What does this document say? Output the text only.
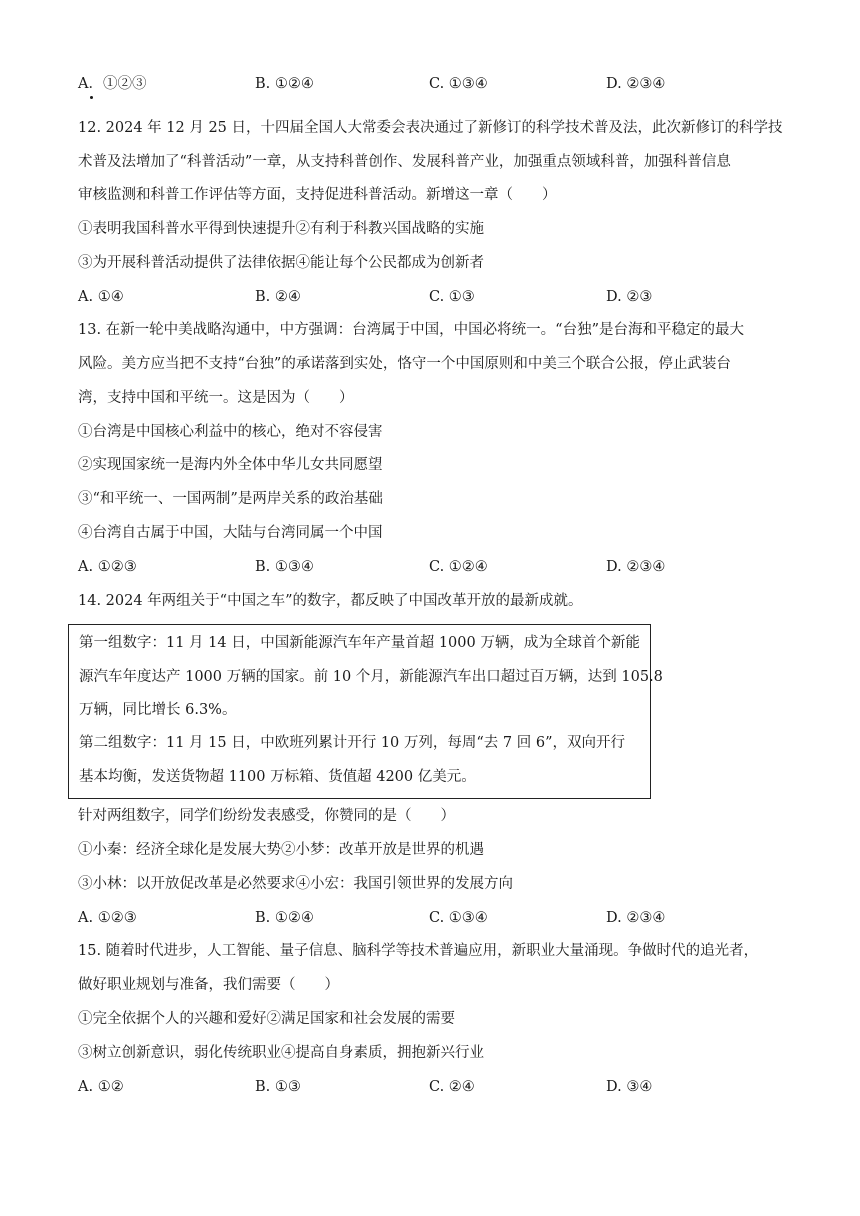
A．①②③	B. ①②④	C. ①③④	D. ②③④
12. 2024 年 12 月 25 日，十四届全国人大常委会表决通过了新修订的科学技术普及法，此次新修订的科学技
术普及法增加了“科普活动”一章，从支持科普创作、发展科普产业，加强重点领域科普，加强科普信息
审核监测和科普工作评估等方面，支持促进科普活动。新增这一章（　　）
①表明我国科普水平得到快速提升②有利于科教兴国战略的实施
③为开展科普活动提供了法律依据④能让每个公民都成为创新者
A. ①④	B. ②④	C. ①③	D. ②③
13. 在新一轮中美战略沟通中，中方强调：台湾属于中国，中国必将统一。“台独”是台海和平稳定的最大
风险。美方应当把不支持“台独”的承诺落到实处，恪守一个中国原则和中美三个联合公报，停止武装台
湾，支持中国和平统一。这是因为（　　）
①台湾是中国核心利益中的核心，绝对不容侵害
②实现国家统一是海内外全体中华儿女共同愿望
③“和平统一、一国两制”是两岸关系的政治基础
④台湾自古属于中国，大陆与台湾同属一个中国
A. ①②③	B. ①③④	C. ①②④	D. ②③④
14. 2024 年两组关于“中国之车”的数字，都反映了中国改革开放的最新成就。
第一组数字：11 月 14 日，中国新能源汽车年产量首超 1000 万辆，成为全球首个新能
源汽车年度达产 1000 万辆的国家。前 10 个月，新能源汽车出口超过百万辆，达到 105.8
万辆，同比增长 6.3%。
第二组数字：11 月 15 日，中欧班列累计开行 10 万列，每周“去 7 回 6”，双向开行
基本均衡，发送货物超 1100 万标箱、货值超 4200 亿美元。
针对两组数字，同学们纷纷发表感受，你赞同的是（　　）
①小秦：经济全球化是发展大势②小梦：改革开放是世界的机遇
③小林：以开放促改革是必然要求④小宏：我国引领世界的发展方向
A. ①②③	B. ①②④	C. ①③④	D. ②③④
15. 随着时代进步，人工智能、量子信息、脑科学等技术普遍应用，新职业大量涌现。争做时代的追光者，
做好职业规划与准备，我们需要（　　）
①完全依据个人的兴趣和爱好②满足国家和社会发展的需要
③树立创新意识，弱化传统职业④提高自身素质，拥抱新兴行业
A. ①②	B. ①③	C. ②④	D. ③④
